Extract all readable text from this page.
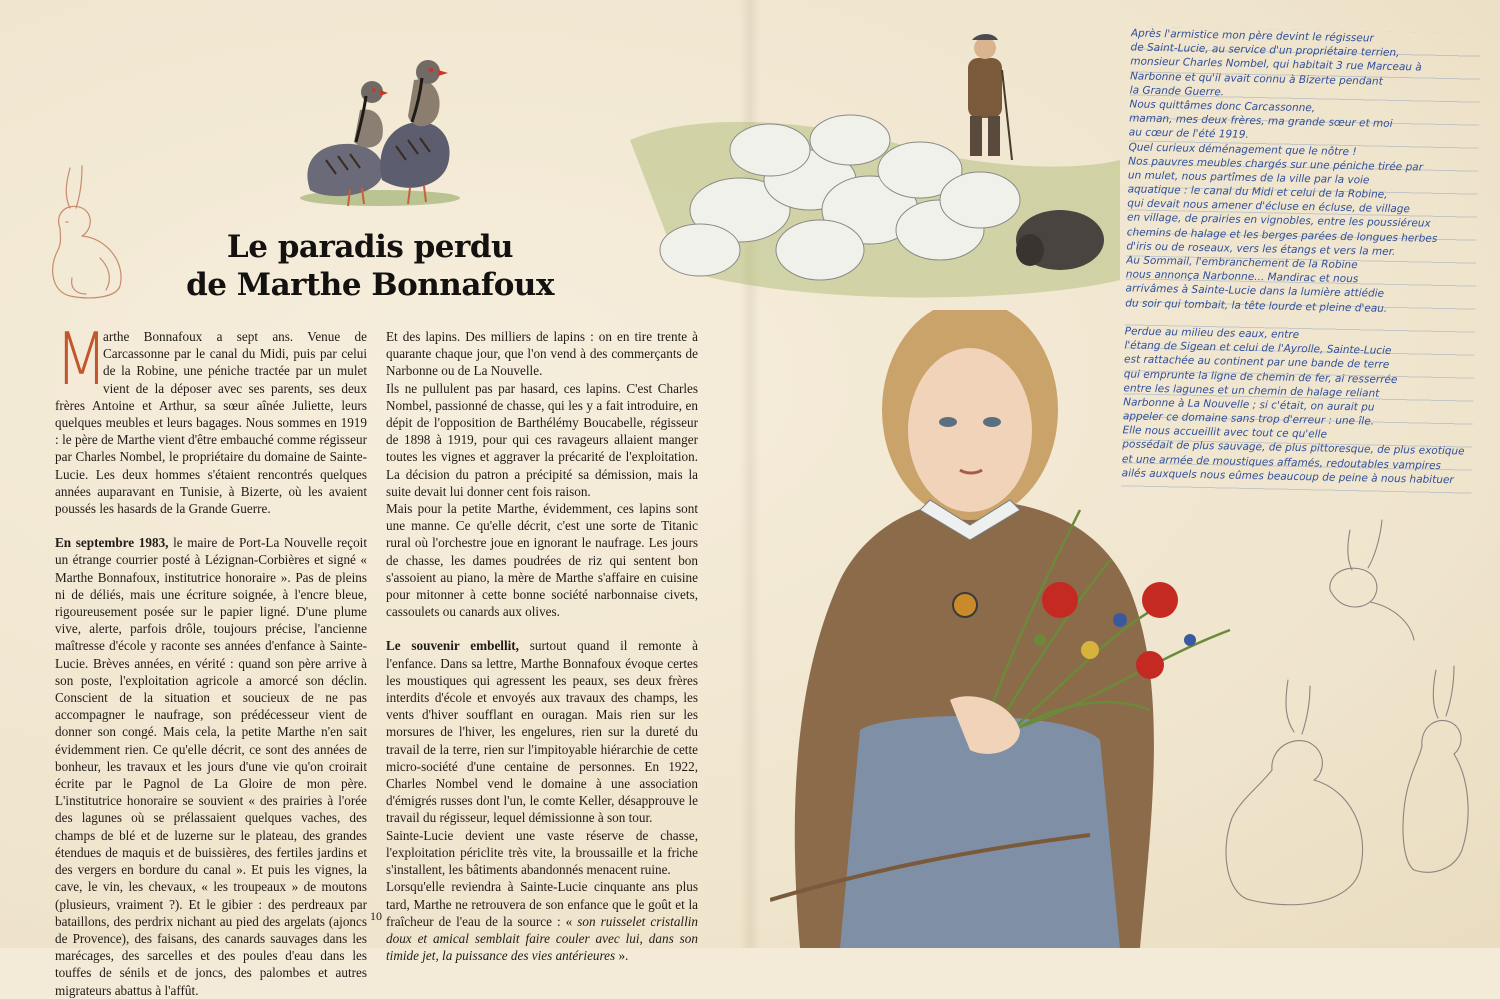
Le paradis perdu
de Marthe Bonnafoux

M
arthe Bonnafoux a sept ans. Venue de Carcassonne par le canal du Midi, puis par celui de la Robine, une péniche tractée par un mulet vient de la déposer avec ses parents, ses deux frères Antoine et Arthur, sa sœur aînée Juliette, leurs quelques meubles et leurs bagages. Nous sommes en 1919 : le père de Marthe vient d'être embauché comme régisseur par Charles Nombel, le propriétaire du domaine de Sainte-Lucie. Les deux hommes s'étaient rencontrés quelques années auparavant en Tunisie, à Bizerte, où les avaient poussés les hasards de la Grande Guerre.

En septembre 1983, le maire de Port-La Nouvelle reçoit un étrange courrier posté à Lézignan-Corbières et signé « Marthe Bonnafoux, institutrice honoraire ». Pas de pleins ni de déliés, mais une écriture soignée, à l'encre bleue, rigoureusement posée sur le papier ligné. D'une plume vive, alerte, parfois drôle, toujours précise, l'ancienne maîtresse d'école y raconte ses années d'enfance à Sainte-Lucie. Brèves années, en vérité : quand son père arrive à son poste, l'exploitation agricole a amorcé son déclin. Conscient de la situation et soucieux de ne pas accompagner le naufrage, son prédécesseur vient de donner son congé. Mais cela, la petite Marthe n'en sait évidemment rien. Ce qu'elle décrit, ce sont des années de bonheur, les travaux et les jours d'une vie qu'on croirait écrite par le Pagnol de La Gloire de mon père. L'institutrice honoraire se souvient « des prairies à l'orée des lagunes où se prélassaient quelques vaches, des champs de blé et de luzerne sur le plateau, des grandes étendues de maquis et de buissières, des fertiles jardins et des vergers en bordure du canal ». Et puis les vignes, la cave, le vin, les chevaux, « les troupeaux » de moutons (plusieurs, vraiment ?). Et le gibier : des perdreaux par bataillons, des perdrix nichant au pied des argelats (ajoncs de Provence), des faisans, des canards sauvages dans les marécages, des sarcelles et des poules d'eau dans les touffes de sénils et de joncs, des palombes et autres migrateurs abattus à l'affût.

Et des lapins. Des milliers de lapins : on en tire trente à quarante chaque jour, que l'on vend à des commerçants de Narbonne ou de La Nouvelle.

Ils ne pullulent pas par hasard, ces lapins. C'est Charles Nombel, passionné de chasse, qui les y a fait introduire, en dépit de l'opposition de Barthélémy Boucabelle, régisseur de 1898 à 1919, pour qui ces ravageurs allaient manger toutes les vignes et aggraver la précarité de l'exploitation. La décision du patron a précipité sa démission, mais la suite devait lui donner cent fois raison.

Mais pour la petite Marthe, évidemment, ces lapins sont une manne. Ce qu'elle décrit, c'est une sorte de Titanic rural où l'orchestre joue en ignorant le naufrage. Les jours de chasse, les dames poudrées de riz qui sentent bon s'assoient au piano, la mère de Marthe s'affaire en cuisine pour mitonner à cette bonne société narbonnaise civets, cassoulets ou canards aux olives.

Le souvenir embellit, surtout quand il remonte à l'enfance. Dans sa lettre, Marthe Bonnafoux évoque certes les moustiques qui agressent les peaux, ses deux frères interdits d'école et envoyés aux travaux des champs, les vents d'hiver soufflant en ouragan. Mais rien sur les morsures de l'hiver, les engelures, rien sur la dureté du travail de la terre, rien sur l'impitoyable hiérarchie de cette micro-société d'une centaine de personnes. En 1922, Charles Nombel vend le domaine à une association d'émigrés russes dont l'un, le comte Keller, désapprouve le travail du régisseur, lequel démissionne à son tour.

Sainte-Lucie devient une vaste réserve de chasse, l'exploitation périclite très vite, la broussaille et la friche s'installent, les bâtiments abandonnés menacent ruine.

Lorsqu'elle reviendra à Sainte-Lucie cinquante ans plus tard, Marthe ne retrouvera de son enfance que le goût et la fraîcheur de l'eau de la source : « son ruisselet cristallin doux et amical semblait faire couler avec lui, dans son timide jet, la puissance des vies antérieures ».

10
Après l'armistice mon père devint le régisseur
de Saint-Lucie, au service d'un propriétaire terrien,
monsieur Charles Nombel, qui habitait 3 rue Marceau à
Narbonne et qu'il avait connu à Bizerte pendant
la Grande Guerre.
Nous quittâmes donc Carcassonne,
maman, mes deux frères, ma grande sœur et moi
au cœur de l'été 1919.
Quel curieux déménagement que le nôtre !
Nos pauvres meubles chargés sur une péniche tirée par
un mulet, nous partîmes de la ville par la voie
aquatique : le canal du Midi et celui de la Robine,
qui devait nous amener d'écluse en écluse, de village
en village, de prairies en vignobles, entre les poussiéreux
chemins de halage et les berges parées de longues herbes
d'iris ou de roseaux, vers les étangs et vers la mer.
Au Sommail, l'embranchement de la Robine
nous annonça Narbonne... Mandirac et nous
arrivâmes à Sainte-Lucie dans la lumière attiédie
du soir qui tombait, la tête lourde et pleine d'eau.
Perdue au milieu des eaux, entre
l'étang de Sigean et celui de l'Ayrolle, Sainte-Lucie
est rattachée au continent par une bande de terre
qui emprunte la ligne de chemin de fer, ai resserrée
entre les lagunes et un chemin de halage reliant
Narbonne à La Nouvelle ; si c'était, on aurait pu
appeler ce domaine sans trop d'erreur : une île.
Elle nous accueillit avec tout ce qu'elle
possédait de plus sauvage, de plus pittoresque, de plus exotique
et une armée de moustiques affamés, redoutables vampires
ailés auxquels nous eûmes beaucoup de peine à nous habituer
